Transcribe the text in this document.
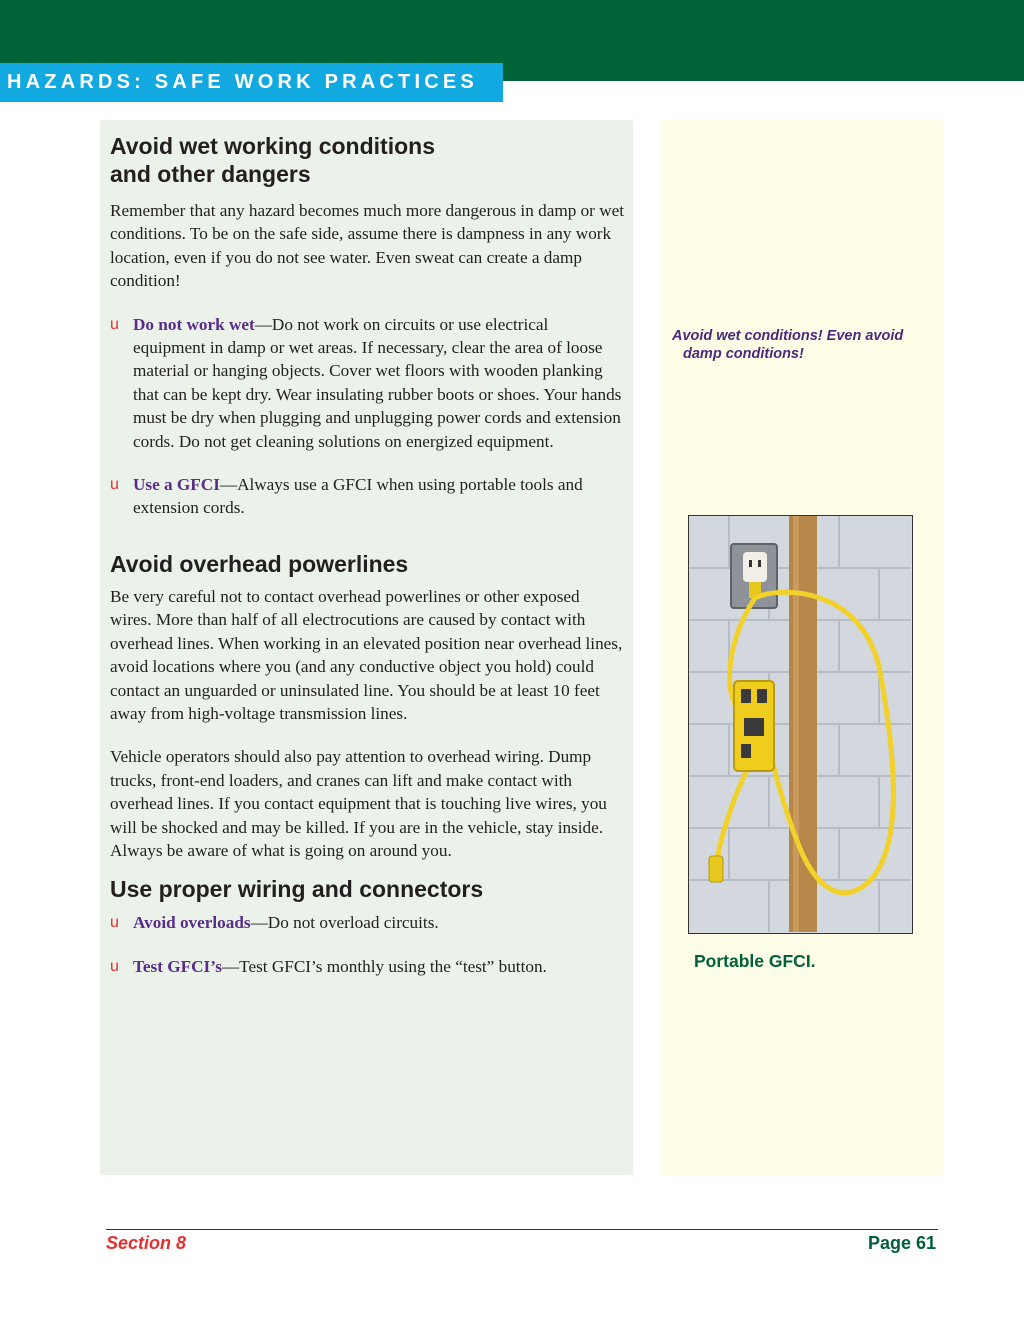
HAZARDS: SAFE WORK PRACTICES
Avoid wet working conditions
and other dangers

Remember that any hazard becomes much more dangerous in damp or wet conditions. To be on the safe side, assume there is dampness in any work location, even if you do not see water. Even sweat can create a damp condition!

u Do not work wet—Do not work on circuits or use electrical equipment in damp or wet areas. If necessary, clear the area of loose material or hanging objects. Cover wet floors with wooden planking that can be kept dry. Wear insulating rubber boots or shoes. Your hands must be dry when plugging and unplugging power cords and extension cords. Do not get cleaning solutions on energized equipment.
u Use a GFCI—Always use a GFCI when using portable tools and extension cords.
Avoid overhead powerlines

Be very careful not to contact overhead powerlines or other exposed wires. More than half of all electrocutions are caused by contact with overhead lines. When working in an elevated position near overhead lines, avoid locations where you (and any conductive object you hold) could contact an unguarded or uninsulated line. You should be at least 10 feet away from high-voltage transmission lines.

Vehicle operators should also pay attention to overhead wiring. Dump trucks, front-end loaders, and cranes can lift and make contact with overhead lines. If you contact equipment that is touching live wires, you will be shocked and may be killed. If you are in the vehicle, stay inside. Always be aware of what is going on around you.

Use proper wiring and connectors
u Avoid overloads—Do not overload circuits.
u Test GFCI’s—Test GFCI’s monthly using the “test” button.
Avoid wet conditions! Even avoid
damp conditions!
Portable GFCI.
Section 8	Page 61
